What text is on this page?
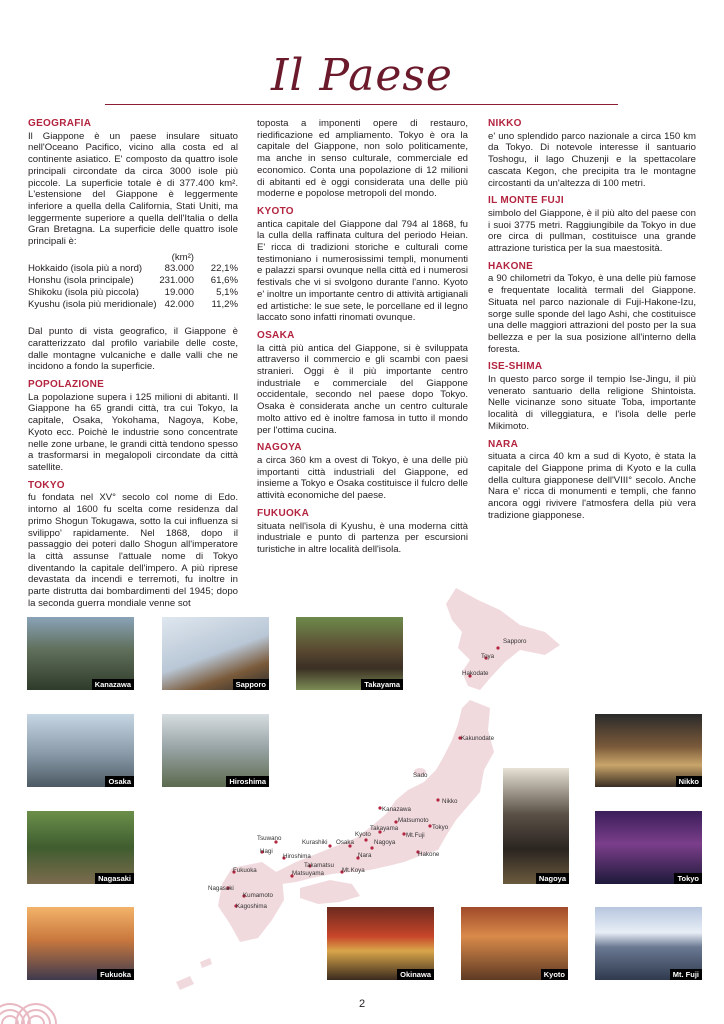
Il Paese
GEOGRAFIA

Il Giappone è un paese insulare situato nell'Oceano Pacifico, vicino alla costa ed al continente asiatico. E' composto da quattro isole principali circondate da circa 3000 isole più piccole. La superficie totale è di 377.400 km². L'estensione del Giappone è leggermente inferiore a quella della California, Stati Uniti, ma leggermente superiore a quella dell'Italia o della Gran Bretagna. La superficie delle quattro isole principali è:

(km²)		
Hokkaido (isola più a nord)	83.000	22,1%
Honshu (isola principale)	231.000	61,6%
Shikoku (isola più piccola)	19.000	5,1%
Kyushu (isola più meridionale)	42.000	11,2%

Dal punto di vista geografico, il Giappone è caratterizzato dal profilo variabile delle coste, dalle montagne vulcaniche e dalle valli che ne incidono a fondo la superficie.

POPOLAZIONE

La popolazione supera i 125 milioni di abitanti. Il Giappone ha 65 grandi città, tra cui Tokyo, la capitale, Osaka, Yokohama, Nagoya, Kobe, Kyoto ecc. Poichè le industrie sono concentrate nelle zone urbane, le grandi città tendono spesso a trasformarsi in megalopoli circondate da città satellite.

TOKYO

fu fondata nel XV° secolo col nome di Edo. intorno al 1600 fu scelta come residenza dal primo Shogun Tokugawa, sotto la cui influenza si svilippo' rapidamente. Nel 1868, dopo il passaggio dei poteri dallo Shogun all'imperatore la città assunse l'attuale nome di Tokyo diventando la capitale dell'impero. A più riprese devastata da incendi e terremoti, fu inoltre in parte distrutta dai bombardimenti del 1945; dopo la seconda guerra mondiale venne sot

toposta a imponenti opere di restauro, riedificazione ed ampliamento. Tokyo è ora la capitale del Giappone, non solo politicamente, ma anche in senso culturale, commerciale ed economico. Conta una popolazione di 12 milioni di abitanti ed è oggi considerata una delle più moderne e popolose metropoli del mondo.

KYOTO

antica capitale del Giappone dal 794 al 1868, fu la culla della raffinata cultura del periodo Heian. E' ricca di tradizioni storiche e culturali come testimoniano i numerosissimi templi, monumenti e palazzi sparsi ovunque nella città ed i numerosi festivals che vi si svolgono durante l'anno. Kyoto e' inoltre un importante centro di attività artigianali ed artistiche: le sue sete, le porcellane ed il legno laccato sono infatti rinomati ovunque.

OSAKA

la città più antica del Giappone, si è sviluppata attraverso il commercio e gli scambi con paesi stranieri. Oggi è il più importante centro industriale e commerciale del Giappone occidentale, secondo nel paese dopo Tokyo. Osaka è considerata anche un centro culturale molto attivo ed è inoltre famosa in tutto il mondo per l'ottima cucina.

NAGOYA

a circa 360 km a ovest di Tokyo, è una delle più importanti città industriali del Giappone, ed insieme a Tokyo e Osaka costituisce il fulcro delle attività economiche del paese.

FUKUOKA

situata nell'isola di Kyushu, è una moderna città industriale e punto di partenza per escursioni turistiche in altre località dell'isola.

NIKKO

e' uno splendido parco nazionale a circa 150 km da Tokyo. Di notevole interesse il santuario Toshogu, il lago Chuzenji e la spettacolare cascata Kegon, che precipita tra le montagne circostanti da un'altezza di 100 metri.

IL MONTE FUJI

simbolo del Giappone, è il più alto del paese con i suoi 3775 metri. Raggiungibile da Tokyo in due ore circa di pullman, costituisce una grande attrazione turistica per la sua maestosità.

HAKONE

a 90 chilometri da Tokyo, è una delle più famose e frequentate località termali del Giappone. Situata nel parco nazionale di Fuji-Hakone-Izu, sorge sulle sponde del lago Ashi, che costituisce una delle maggiori attrazioni del posto per la sua bellezza e per la sua posizione all'interno della foresta.

ISE-SHIMA

In questo parco sorge il tempio Ise-Jingu, il più venerato santuario della religione Shintoista. Nelle vicinanze sono situate Toba, importante località di villeggiatura, e l'isola delle perle Mikimoto.

NARA

situata a circa 40 km a sud di Kyoto, è stata la capitale del Giappone prima di Kyoto e la culla della cultura giapponese dell'VIII° secolo. Anche Nara e' ricca di monumenti e templi, che fanno ancora oggi rivivere l'atmosfera della più vera tradizione giapponese.

Sapporo
Toya
Hakodate
Kakunodate
Sado
Nikko
Kanazawa
Matsumoto
Tokyo
Takayama
Mt.Fuji
Tsuwano
Kurashiki Osaka
Kyoto
Nagoya
Hagi
Hiroshima	Nara	Hakone
Fukuoka
Takamatsu
Matsuyama	Mt.Koya
Nagasaki
Kumamoto
Kagoshima
Kanazawa	Sapporo	Takayama
Osaka	Hiroshima
Nagasaki
Fukuoka	Okinawa	Kyoto
Nikko
Nagoya	Tokyo
Mt. Fuji
2
